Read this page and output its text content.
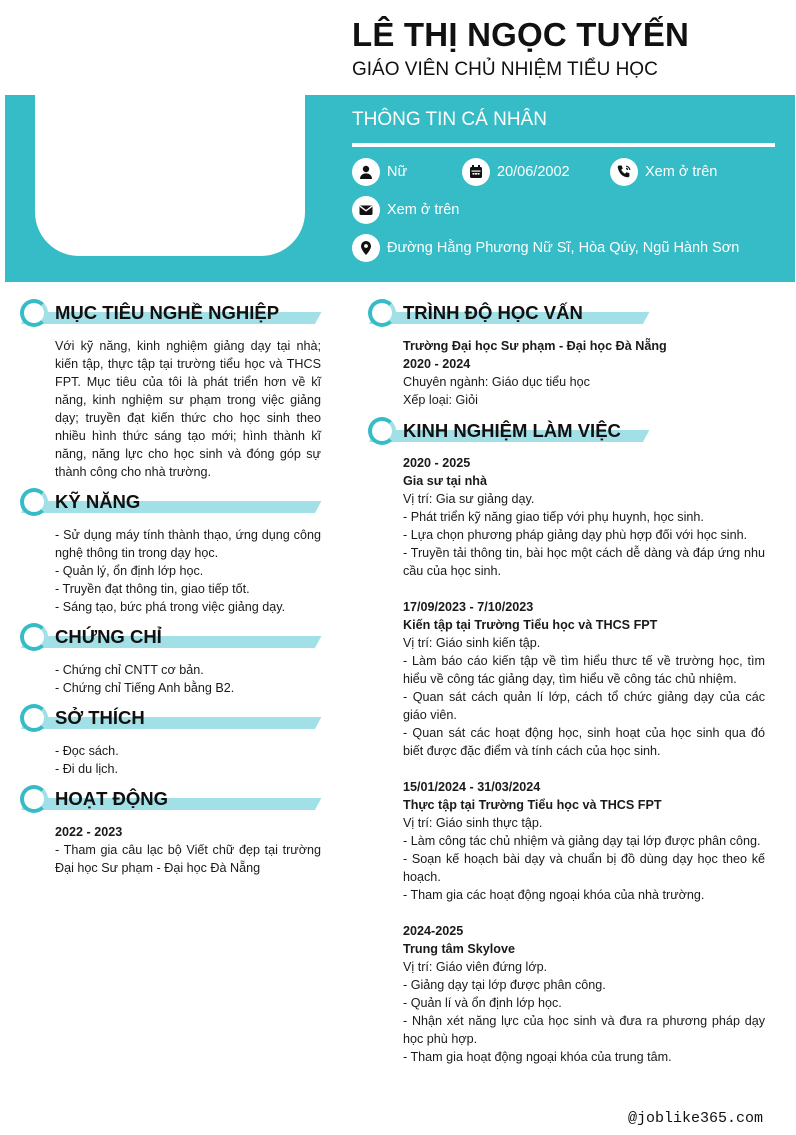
LÊ THỊ NGỌC TUYẾN
GIÁO VIÊN CHỦ NHIỆM TIỂU HỌC
THÔNG TIN CÁ NHÂN
Nữ	20/06/2002	Xem ở trên
Xem ở trên
Đường Hằng Phương Nữ Sĩ, Hòa Qúy, Ngũ Hành Sơn
MỤC TIÊU NGHỀ NGHIỆP
Với kỹ năng, kinh nghiệm giảng dạy tại nhà; kiến tập, thực tập tại trường tiểu học và THCS FPT. Mục tiêu của tôi là phát triển hơn về kĩ năng, kinh nghiệm sư phạm trong việc giảng dạy; truyền đạt kiến thức cho học sinh theo nhiều hình thức sáng tạo mới; hình thành kĩ năng, năng lực cho học sinh và đóng góp sự thành công cho nhà trường.
KỸ NĂNG
- Sử dụng máy tính thành thạo, ứng dụng công nghệ thông tin trong dạy học.
- Quản lý, ổn định lớp học.
- Truyền đạt thông tin, giao tiếp tốt.
- Sáng tạo, bức phá trong việc giảng dạy.
CHỨNG CHỈ
- Chứng chỉ CNTT cơ bản.
- Chứng chỉ Tiếng Anh bằng B2.
SỞ THÍCH
- Đọc sách.
- Đi du lịch.
HOẠT ĐỘNG
2022 - 2023
- Tham gia câu lạc bộ Viết chữ đẹp tại trường Đại học Sư phạm - Đại học Đà Nẵng
TRÌNH ĐỘ HỌC VẤN
Trường Đại học Sư phạm - Đại học Đà Nẵng
2020 - 2024
Chuyên ngành: Giáo dục tiểu học
Xếp loại: Giỏi
KINH NGHIỆM LÀM VIỆC
2020 - 2025
Gia sư tại nhà
Vị trí: Gia sư giảng dạy.
- Phát triển kỹ năng giao tiếp với phụ huynh, học sinh.
- Lựa chọn phương pháp giảng dạy phù hợp đối với học sinh.
- Truyền tải thông tin, bài học một cách dễ dàng và đáp ứng nhu cầu của học sinh.
17/09/2023 - 7/10/2023
Kiến tập tại Trường Tiểu học và THCS FPT
Vị trí: Giáo sinh kiến tập.
- Làm báo cáo kiến tập về tìm hiểu thưc tế về trường học, tìm hiểu về công tác giảng dạy, tìm hiểu về công tác chủ nhiệm.
- Quan sát cách quản lí lớp, cách tổ chức giảng dạy của các giáo viên.
- Quan sát các hoạt động học, sinh hoạt của học sinh qua đó biết được đặc điểm và tính cách của học sinh.
15/01/2024 - 31/03/2024
Thực tập tại Trường Tiểu học và THCS FPT
Vị trí: Giáo sinh thực tập.
- Làm công tác chủ nhiệm và giảng dạy tại lớp được phân công.
- Soạn kế hoạch bài dạy và chuẩn bị đồ dùng dạy học theo kế hoạch.
- Tham gia các hoạt động ngoại khóa của nhà trường.
2024-2025
Trung tâm Skylove
Vị trí: Giáo viên đứng lớp.
- Giảng dạy tại lớp được phân công.
- Quản lí và ổn định lớp học.
- Nhận xét năng lực của học sinh và đưa ra phương pháp dạy học phù hợp.
- Tham gia hoạt động ngoại khóa của trung tâm.
@joblike365.com
